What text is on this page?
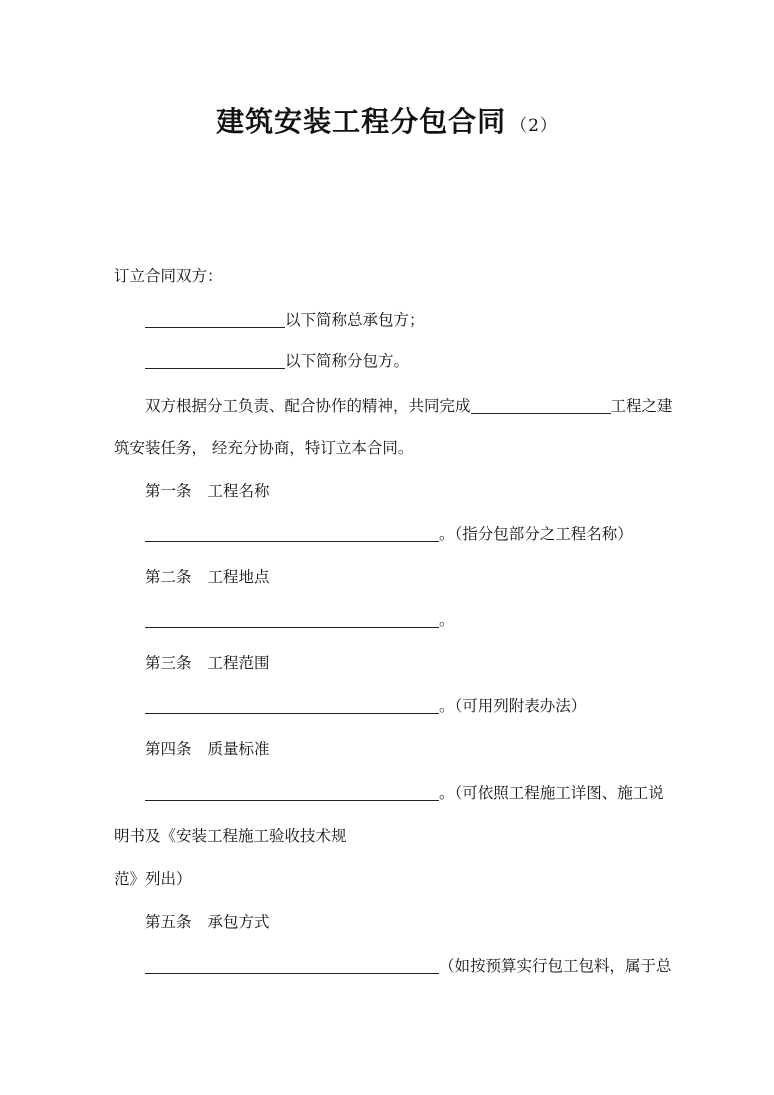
建筑安装工程分包合同 （2）
订立合同双方：
以下简称总承包方；
以下简称分包方。
双方根据分工负责、配合协作的精神，共同完成	工程之建
筑安装任务， 经充分协商，特订立本合同。
第一条 工程名称
。（指分包部分之工程名称）
第二条 工程地点
。
第三条 工程范围
。（可用列附表办法）
第四条 质量标准
。（可依照工程施工详图、施工说
明书及《安装工程施工验收技术规
范》列出）
第五条 承包方式
（如按预算实行包工包料，属于总
